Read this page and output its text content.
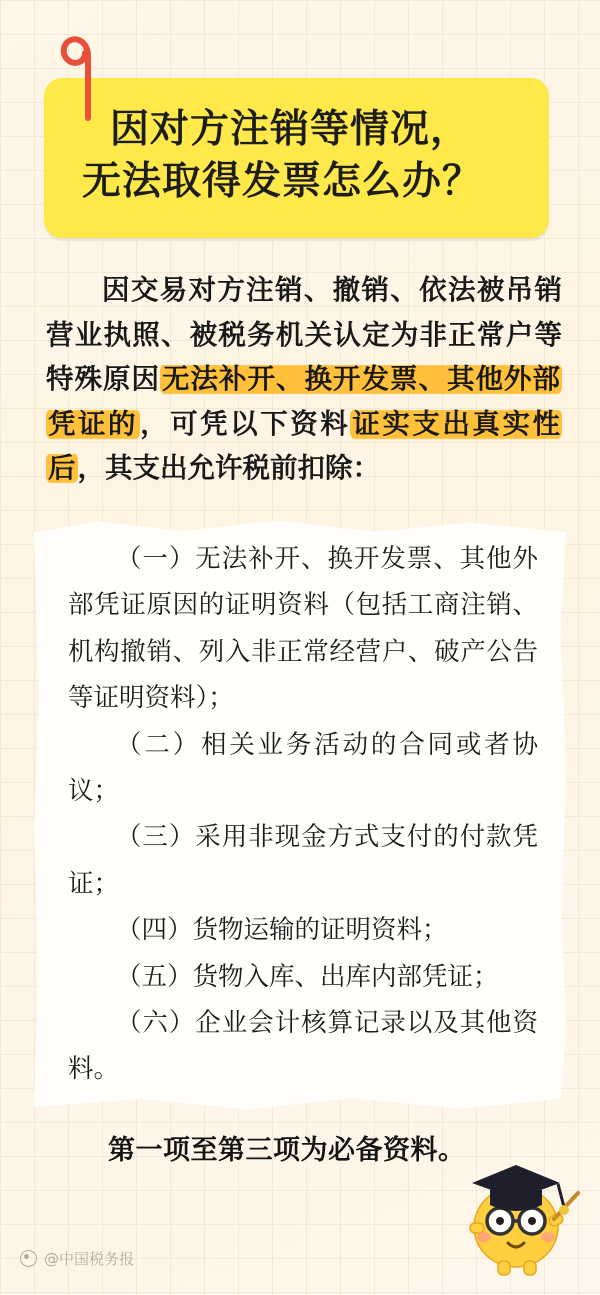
因对方注销等情况，
无法取得发票怎么办？
因交易对方注销、撤销、依法被吊销营业执照、被税务机关认定为非正常户等特殊原因无法补开、换开发票、其他外部凭证的，可凭以下资料证实支出真实性后，其支出允许税前扣除：

（一）无法补开、换开发票、其他外部凭证原因的证明资料（包括工商注销、机构撤销、列入非正常经营户、破产公告等证明资料）；

（二）相关业务活动的合同或者协议；

（三）采用非现金方式支付的付款凭证；

（四）货物运输的证明资料；

（五）货物入库、出库内部凭证；

（六）企业会计核算记录以及其他资料。

第一项至第三项为必备资料。
@中国税务报
